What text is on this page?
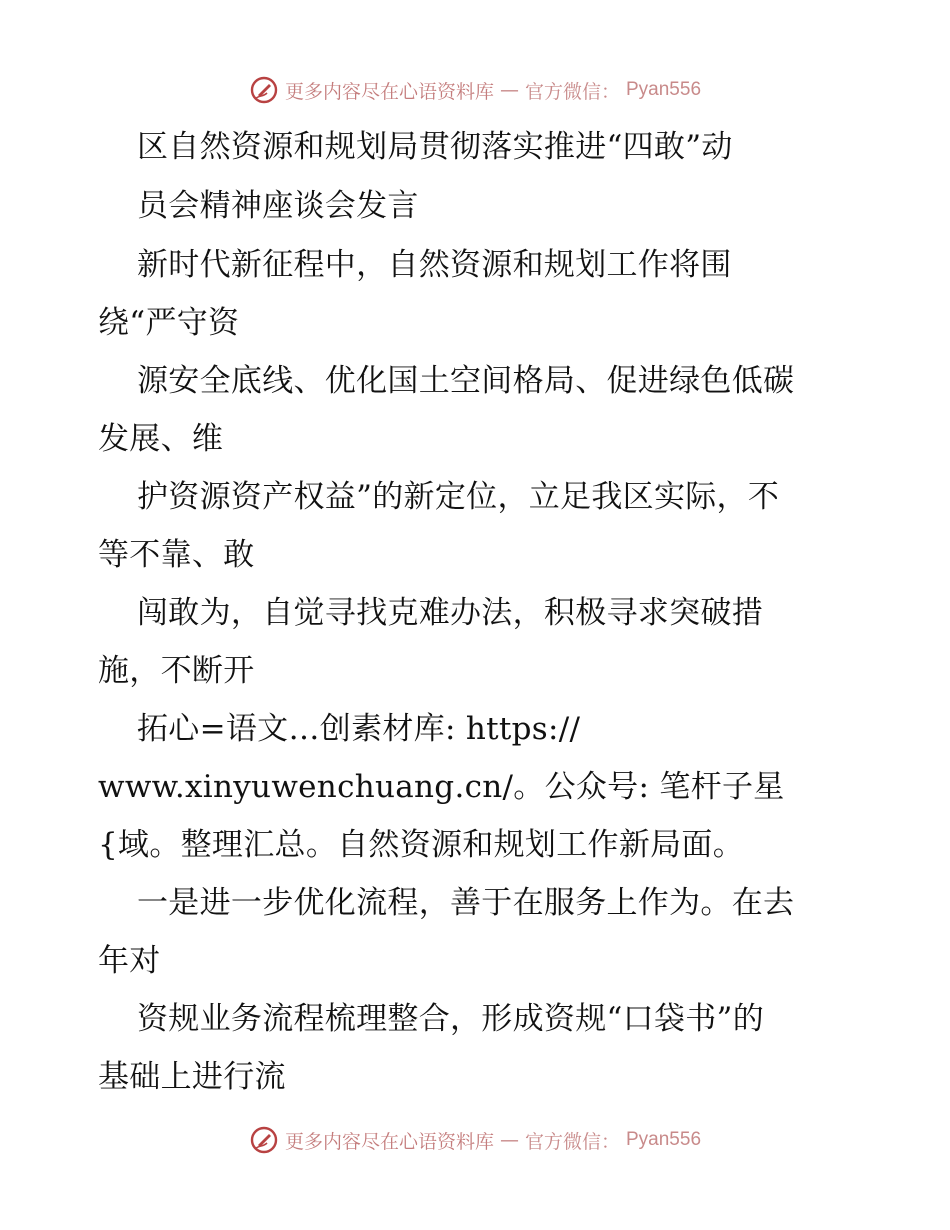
更多内容尽在心语资料库 — 官方微信： Pyan556
区自然资源和规划局贯彻落实推进“四敢”动
员会精神座谈会发言
新时代新征程中，自然资源和规划工作将围
绕“严守资
源安全底线、优化国土空间格局、促进绿色低碳
发展、维
护资源资产权益”的新定位，立足我区实际，不
等不靠、敢
闯敢为，自觉寻找克难办法，积极寻求突破措
施，不断开
拓心=语文…创素材库: https://
www.xinyuwenchuang.cn/。公众号: 笔杆子星
{域。整理汇总。自然资源和规划工作新局面。
一是进一步优化流程，善于在服务上作为。在去
年对
资规业务流程梳理整合，形成资规“口袋书”的
基础上进行流
更多内容尽在心语资料库 — 官方微信： Pyan556
